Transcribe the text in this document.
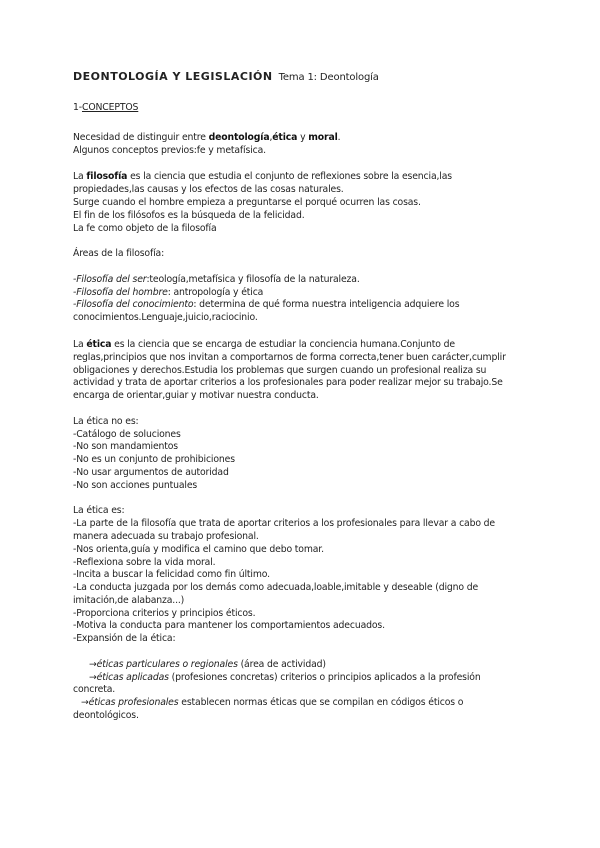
DEONTOLOGÍA Y LEGISLACIÓN Tema 1: Deontología
1-CONCEPTOS

Necesidad de distinguir entre deontología,ética y moral.

Algunos conceptos previos:fe y metafísica.

La filosofía es la ciencia que estudia el conjunto de reflexiones sobre la esencia,las

propiedades,las causas y los efectos de las cosas naturales.

Surge cuando el hombre empieza a preguntarse el porqué ocurren las cosas.

El fin de los filósofos es la búsqueda de la felicidad.

La fe como objeto de la filosofía

Áreas de la filosofía:

-Filosofía del ser:teología,metafísica y filosofía de la naturaleza.

-Filosofía del hombre: antropología y ética

-Filosofía del conocimiento: determina de qué forma nuestra inteligencia adquiere los

conocimientos.Lenguaje,juicio,raciocinio.

La ética es la ciencia que se encarga de estudiar la conciencia humana.Conjunto de

reglas,principios que nos invitan a comportarnos de forma correcta,tener buen carácter,cumplir

obligaciones y derechos.Estudia los problemas que surgen cuando un profesional realiza su

actividad y trata de aportar criterios a los profesionales para poder realizar mejor su trabajo.Se

encarga de orientar,guiar y motivar nuestra conducta.

La ética no es:

-Catálogo de soluciones

-No son mandamientos

-No es un conjunto de prohibiciones

-No usar argumentos de autoridad

-No son acciones puntuales

La ética es:

-La parte de la filosofía que trata de aportar criterios a los profesionales para llevar a cabo de

manera adecuada su trabajo profesional.

-Nos orienta,guía y modifica el camino que debo tomar.

-Reflexiona sobre la vida moral.

-Incita a buscar la felicidad como fin último.

-La conducta juzgada por los demás como adecuada,loable,imitable y deseable (digno de

imitación,de alabanza...)

-Proporciona criterios y principios éticos.

-Motiva la conducta para mantener los comportamientos adecuados.

-Expansión de la ética:

→éticas particulares o regionales (área de actividad)

→éticas aplicadas (profesiones concretas) criterios o principios aplicados a la profesión

concreta.

→éticas profesionales establecen normas éticas que se compilan en códigos éticos o

deontológicos.
